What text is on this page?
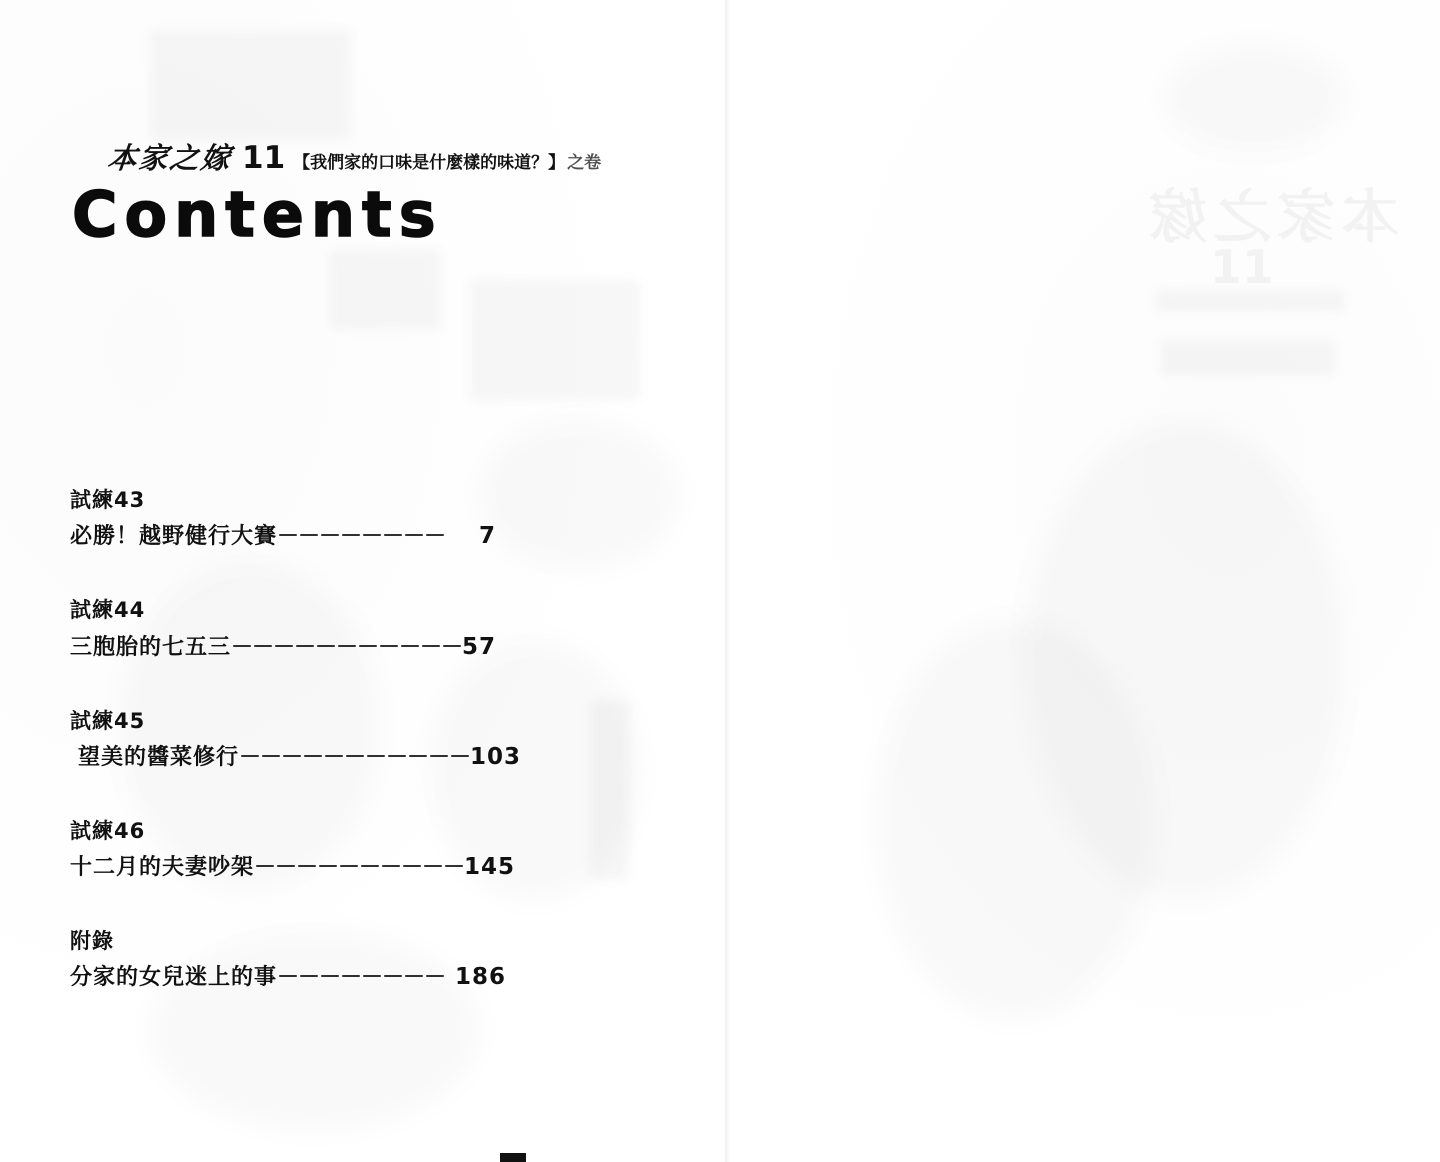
本家之嫁 11 【我們家的口味是什麼樣的味道？】 之卷
Contents
試練43
必勝！越野健行大賽 －－－－－－－－ 7
試練44
三胞胎的七五三 －－－－－－－－－－－ 57
試練45
望美的醬菜修行 －－－－－－－－－－－ 103
試練46
十二月的夫妻吵架 －－－－－－－－－－ 145
附錄
分家的女兒迷上的事 －－－－－－－－ 186
